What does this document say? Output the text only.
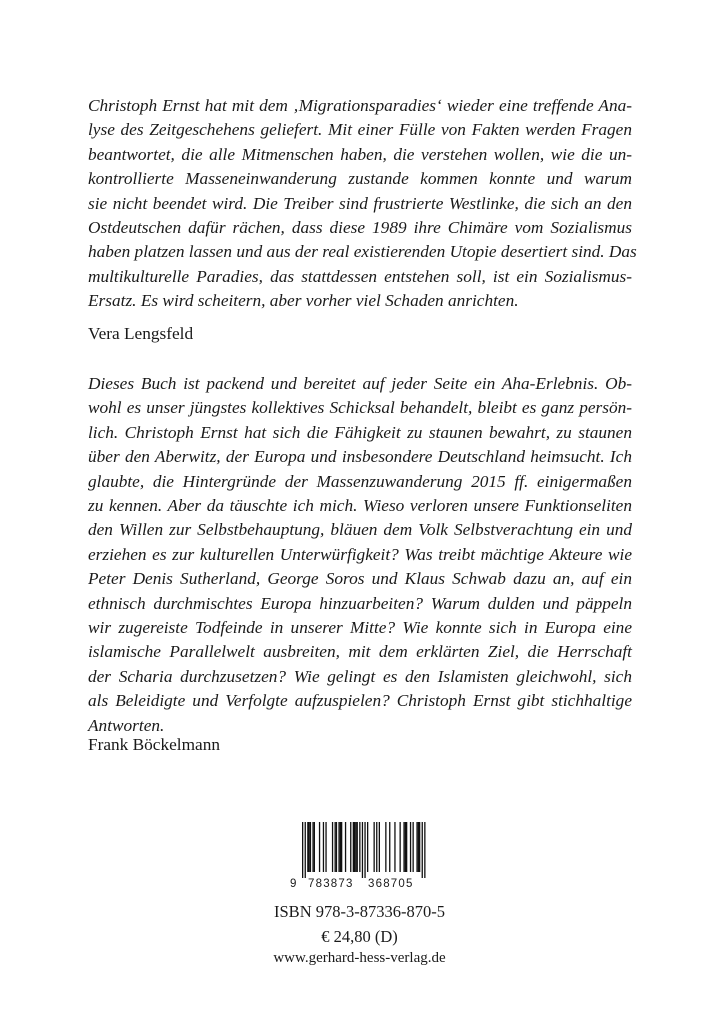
Christoph Ernst hat mit dem ‚Migrationsparadies‘ wieder eine treffende Ana-
lyse des Zeitgeschehens geliefert. Mit einer Fülle von Fakten werden Fragen
beantwortet, die alle Mitmenschen haben, die verstehen wollen, wie die un-
kontrollierte Masseneinwanderung zustande kommen konnte und warum
sie nicht beendet wird. Die Treiber sind frustrierte Westlinke, die sich an den
Ostdeutschen dafür rächen, dass diese 1989 ihre Chimäre vom Sozialismus
haben platzen lassen und aus der real existierenden Utopie desertiert sind. Das
multikulturelle Paradies, das stattdessen entstehen soll, ist ein Sozialismus-
Ersatz. Es wird scheitern, aber vorher viel Schaden anrichten.
Vera Lengsfeld
Dieses Buch ist packend und bereitet auf jeder Seite ein Aha-Erlebnis. Ob-
wohl es unser jüngstes kollektives Schicksal behandelt, bleibt es ganz persön-
lich. Christoph Ernst hat sich die Fähigkeit zu staunen bewahrt, zu staunen
über den Aberwitz, der Europa und insbesondere Deutschland heimsucht. Ich
glaubte, die Hintergründe der Massenzuwanderung 2015 ff. einigermaßen
zu kennen. Aber da täuschte ich mich. Wieso verloren unsere Funktionseliten
den Willen zur Selbstbehauptung, bläuen dem Volk Selbstverachtung ein und
erziehen es zur kulturellen Unterwürfigkeit? Was treibt mächtige Akteure wie
Peter Denis Sutherland, George Soros und Klaus Schwab dazu an, auf ein
ethnisch durchmischtes Europa hinzuarbeiten? Warum dulden und päppeln
wir zugereiste Todfeinde in unserer Mitte? Wie konnte sich in Europa eine
islamische Parallelwelt ausbreiten, mit dem erklärten Ziel, die Herrschaft
der Scharia durchzusetzen? Wie gelingt es den Islamisten gleichwohl, sich
als Beleidigte und Verfolgte aufzuspielen? Christoph Ernst gibt stichhaltige
Antworten.
Frank Böckelmann
9 783873 368705
ISBN 978-3-87336-870-5
€ 24,80 (D)
www.gerhard-hess-verlag.de
